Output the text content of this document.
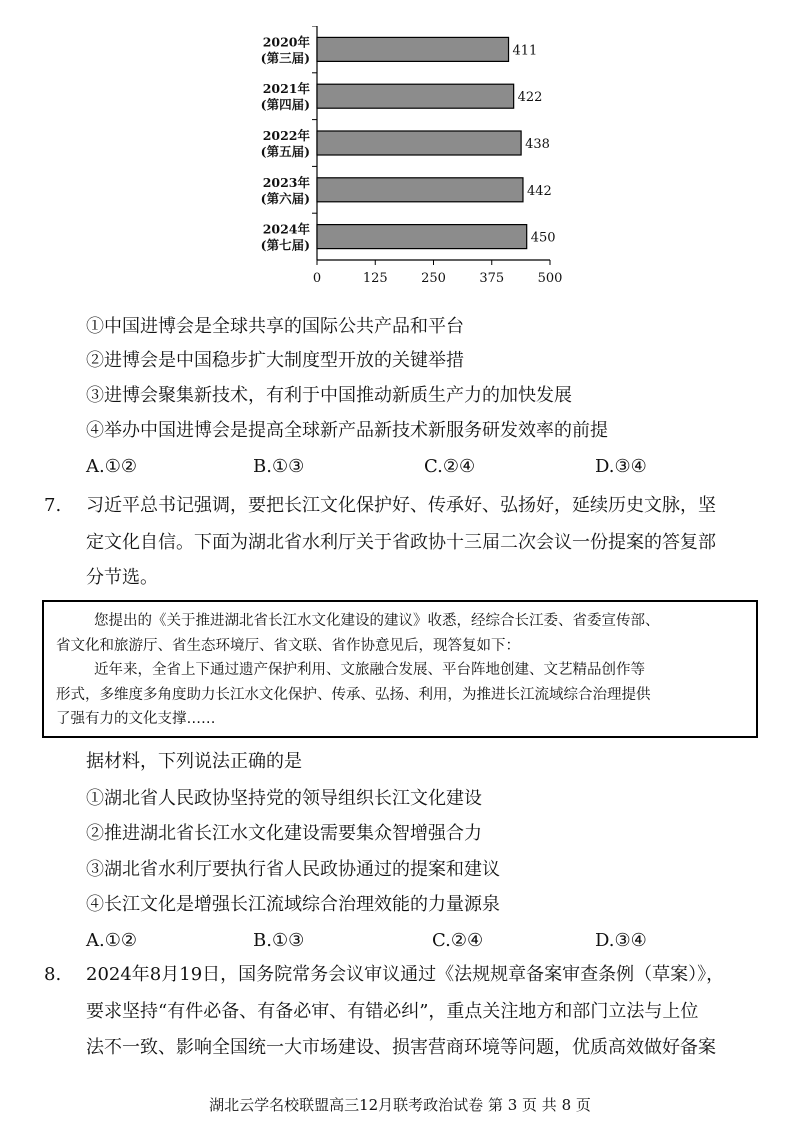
0	125	250	375	500
411
2020年
(第三届)
422
2021年
(第四届)
438
2022年
(第五届)
442
2023年
(第六届)
450
2024年
(第七届)
①中国进博会是全球共享的国际公共产品和平台
②进博会是中国稳步扩大制度型开放的关键举措
③进博会聚集新技术，有利于中国推动新质生产力的加快发展
④举办中国进博会是提高全球新产品新技术新服务研发效率的前提
A.①②	B.①③	C.②④	D.③④
7. 习近平总书记强调，要把长江文化保护好、传承好、弘扬好，延续历史文脉，坚
定文化自信。下面为湖北省水利厅关于省政协十三届二次会议一份提案的答复部
分节选。
您提出的《关于推进湖北省长江水文化建设的建议》收悉，经综合长江委、省委宣传部、
省文化和旅游厅、省生态环境厅、省文联、省作协意见后，现答复如下：
近年来，全省上下通过遗产保护利用、文旅融合发展、平台阵地创建、文艺精品创作等
形式，多维度多角度助力长江水文化保护、传承、弘扬、利用，为推进长江流域综合治理提供
了强有力的文化支撑……
据材料，下列说法正确的是
①湖北省人民政协坚持党的领导组织长江文化建设
②推进湖北省长江水文化建设需要集众智增强合力
③湖北省水利厅要执行省人民政协通过的提案和建议
④长江文化是增强长江流域综合治理效能的力量源泉
A.①②	B.①③	C.②④	D.③④
8. 2024年8月19日，国务院常务会议审议通过《法规规章备案审查条例（草案）》，
要求坚持“有件必备、有备必审、有错必纠”，重点关注地方和部门立法与上位
法不一致、影响全国统一大市场建设、损害营商环境等问题，优质高效做好备案
湖北云学名校联盟高三12月联考政治试卷 第 3 页 共 8 页
